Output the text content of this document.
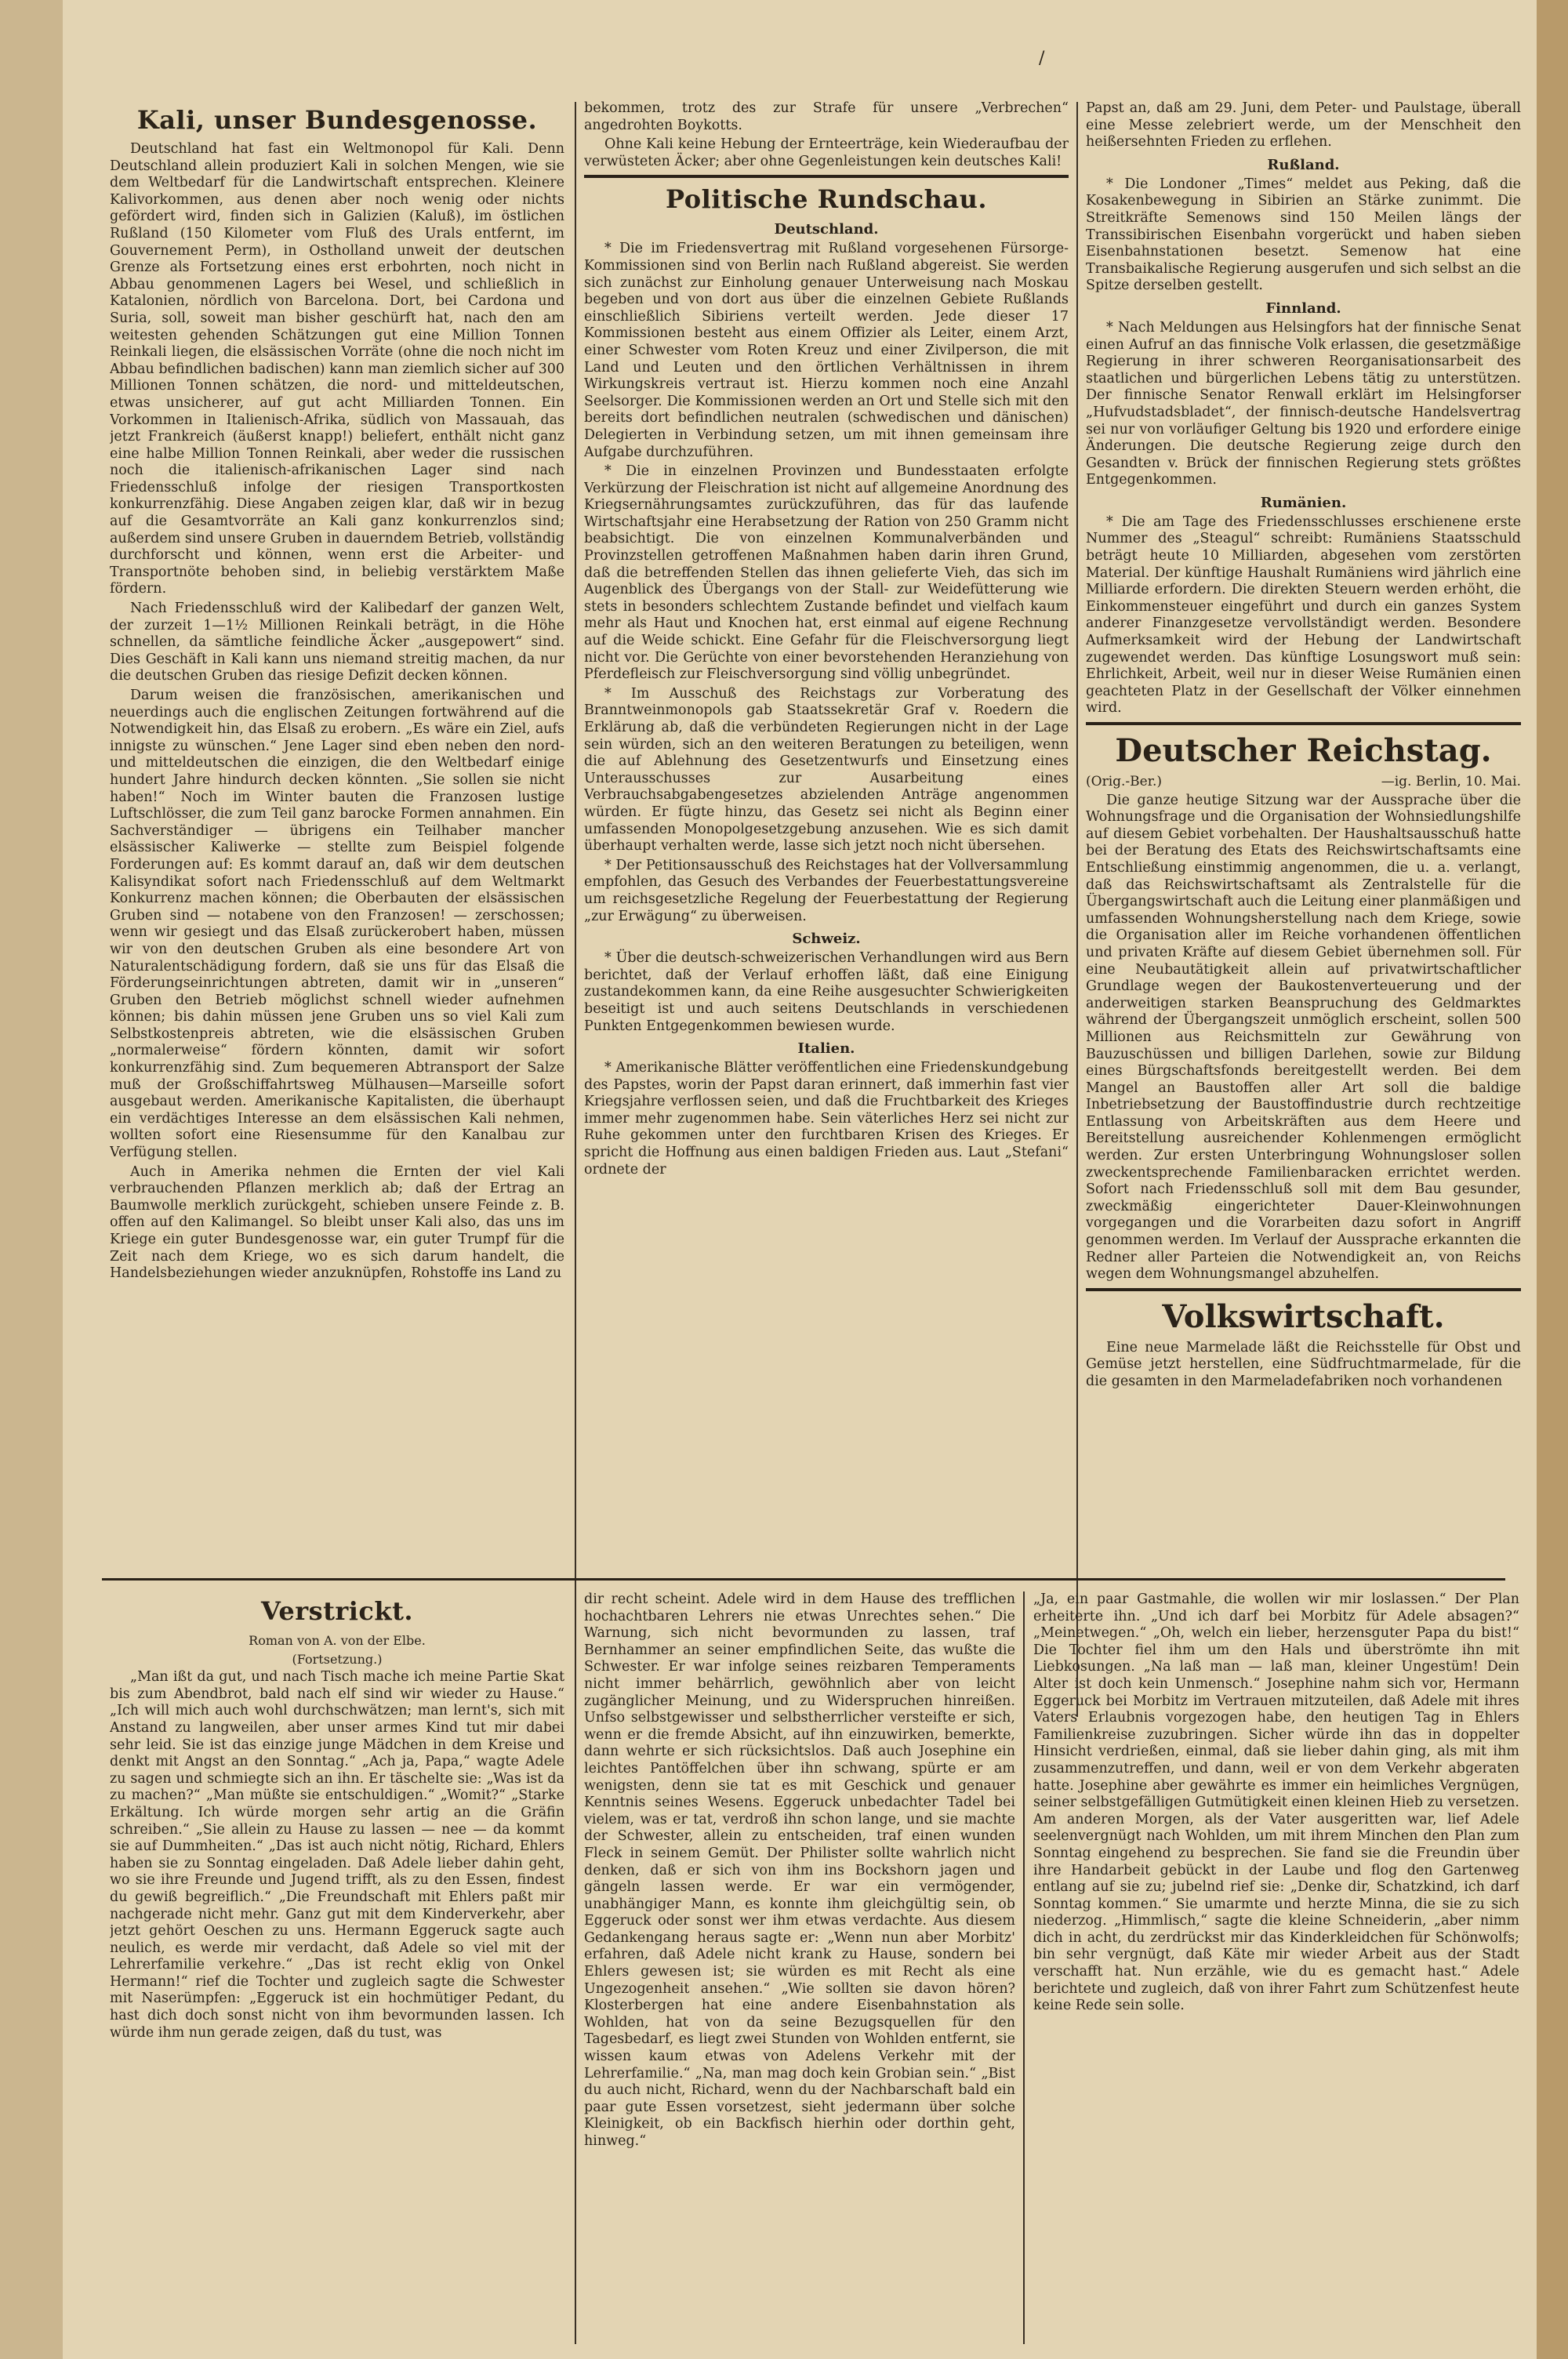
/
Kali, unser Bundesgenosse.

Deutschland hat fast ein Weltmonopol für Kali. Denn Deutschland allein produziert Kali in solchen Mengen, wie sie dem Weltbedarf für die Landwirtschaft entsprechen. Kleinere Kalivorkommen, aus denen aber noch wenig oder nichts gefördert wird, finden sich in Galizien (Kaluß), im östlichen Rußland (150 Kilometer vom Fluß des Urals entfernt, im Gouvernement Perm), in Ostholland unweit der deutschen Grenze als Fortsetzung eines erst erbohrten, noch nicht in Abbau genommenen Lagers bei Wesel, und schließlich in Katalonien, nördlich von Barcelona. Dort, bei Cardona und Suria, soll, soweit man bisher geschürft hat, nach den am weitesten gehenden Schätzungen gut eine Million Tonnen Reinkali liegen, die elsässischen Vorräte (ohne die noch nicht im Abbau befindlichen badischen) kann man ziemlich sicher auf 300 Millionen Tonnen schätzen, die nord- und mitteldeutschen, etwas unsicherer, auf gut acht Milliarden Tonnen. Ein Vorkommen in Italienisch-Afrika, südlich von Massauah, das jetzt Frankreich (äußerst knapp!) beliefert, enthält nicht ganz eine halbe Million Tonnen Reinkali, aber weder die russischen noch die italienisch-afrikanischen Lager sind nach Friedensschluß infolge der riesigen Transportkosten konkurrenzfähig. Diese Angaben zeigen klar, daß wir in bezug auf die Gesamtvorräte an Kali ganz konkurrenzlos sind; außerdem sind unsere Gruben in dauerndem Betrieb, vollständig durchforscht und können, wenn erst die Arbeiter- und Transportnöte behoben sind, in beliebig verstärktem Maße fördern.

Nach Friedensschluß wird der Kalibedarf der ganzen Welt, der zurzeit 1—1½ Millionen Reinkali beträgt, in die Höhe schnellen, da sämtliche feindliche Äcker „ausgepowert“ sind. Dies Geschäft in Kali kann uns niemand streitig machen, da nur die deutschen Gruben das riesige Defizit decken können.

Darum weisen die französischen, amerikanischen und neuerdings auch die englischen Zeitungen fortwährend auf die Notwendigkeit hin, das Elsaß zu erobern. „Es wäre ein Ziel, aufs innigste zu wünschen.“ Jene Lager sind eben neben den nord- und mitteldeutschen die einzigen, die den Weltbedarf einige hundert Jahre hindurch decken könnten. „Sie sollen sie nicht haben!“ Noch im Winter bauten die Franzosen lustige Luftschlösser, die zum Teil ganz barocke Formen annahmen. Ein Sachverständiger — übrigens ein Teilhaber mancher elsässischer Kaliwerke — stellte zum Beispiel folgende Forderungen auf: Es kommt darauf an, daß wir dem deutschen Kalisyndikat sofort nach Friedensschluß auf dem Weltmarkt Konkurrenz machen können; die Oberbauten der elsässischen Gruben sind — notabene von den Franzosen! — zerschossen; wenn wir gesiegt und das Elsaß zurückerobert haben, müssen wir von den deutschen Gruben als eine besondere Art von Naturalentschädigung fordern, daß sie uns für das Elsaß die Förderungseinrichtungen abtreten, damit wir in „unseren“ Gruben den Betrieb möglichst schnell wieder aufnehmen können; bis dahin müssen jene Gruben uns so viel Kali zum Selbstkostenpreis abtreten, wie die elsässischen Gruben „normalerweise“ fördern könnten, damit wir sofort konkurrenzfähig sind. Zum bequemeren Abtransport der Salze muß der Großschiffahrtsweg Mülhausen—Marseille sofort ausgebaut werden. Amerikanische Kapitalisten, die überhaupt ein verdächtiges Interesse an dem elsässischen Kali nehmen, wollten sofort eine Riesensumme für den Kanalbau zur Verfügung stellen.

Auch in Amerika nehmen die Ernten der viel Kali verbrauchenden Pflanzen merklich ab; daß der Ertrag an Baumwolle merklich zurückgeht, schieben unsere Feinde z. B. offen auf den Kalimangel. So bleibt unser Kali also, das uns im Kriege ein guter Bundesgenosse war, ein guter Trumpf für die Zeit nach dem Kriege, wo es sich darum handelt, die Handelsbeziehungen wieder anzuknüpfen, Rohstoffe ins Land zu

bekommen, trotz des zur Strafe für unsere „Verbrechen“ angedrohten Boykotts.

Ohne Kali keine Hebung der Ernteerträge, kein Wiederaufbau der verwüsteten Äcker; aber ohne Gegenleistungen kein deutsches Kali!

Politische Rundschau.
Deutschland.

* Die im Friedensvertrag mit Rußland vorgesehenen Fürsorge-Kommissionen sind von Berlin nach Rußland abgereist. Sie werden sich zunächst zur Einholung genauer Unterweisung nach Moskau begeben und von dort aus über die einzelnen Gebiete Rußlands einschließlich Sibiriens verteilt werden. Jede dieser 17 Kommissionen besteht aus einem Offizier als Leiter, einem Arzt, einer Schwester vom Roten Kreuz und einer Zivilperson, die mit Land und Leuten und den örtlichen Verhältnissen in ihrem Wirkungskreis vertraut ist. Hierzu kommen noch eine Anzahl Seelsorger. Die Kommissionen werden an Ort und Stelle sich mit den bereits dort befindlichen neutralen (schwedischen und dänischen) Delegierten in Verbindung setzen, um mit ihnen gemeinsam ihre Aufgabe durchzuführen.

* Die in einzelnen Provinzen und Bundesstaaten erfolgte Verkürzung der Fleischration ist nicht auf allgemeine Anordnung des Kriegsernährungsamtes zurückzuführen, das für das laufende Wirtschaftsjahr eine Herabsetzung der Ration von 250 Gramm nicht beabsichtigt. Die von einzelnen Kommunalverbänden und Provinzstellen getroffenen Maßnahmen haben darin ihren Grund, daß die betreffenden Stellen das ihnen gelieferte Vieh, das sich im Augenblick des Übergangs von der Stall- zur Weidefütterung wie stets in besonders schlechtem Zustande befindet und vielfach kaum mehr als Haut und Knochen hat, erst einmal auf eigene Rechnung auf die Weide schickt. Eine Gefahr für die Fleischversorgung liegt nicht vor. Die Gerüchte von einer bevorstehenden Heranziehung von Pferdefleisch zur Fleischversorgung sind völlig unbegründet.

* Im Ausschuß des Reichstags zur Vorberatung des Branntweinmonopols gab Staatssekretär Graf v. Roedern die Erklärung ab, daß die verbündeten Regierungen nicht in der Lage sein würden, sich an den weiteren Beratungen zu beteiligen, wenn die auf Ablehnung des Gesetzentwurfs und Einsetzung eines Unterausschusses zur Ausarbeitung eines Verbrauchsabgabengesetzes abzielenden Anträge angenommen würden. Er fügte hinzu, das Gesetz sei nicht als Beginn einer umfassenden Monopolgesetzgebung anzusehen. Wie es sich damit überhaupt verhalten werde, lasse sich jetzt noch nicht übersehen.

* Der Petitionsausschuß des Reichstages hat der Vollversammlung empfohlen, das Gesuch des Verbandes der Feuerbestattungsvereine um reichsgesetzliche Regelung der Feuerbestattung der Regierung „zur Erwägung“ zu überweisen.

Schweiz.

* Über die deutsch-schweizerischen Verhandlungen wird aus Bern berichtet, daß der Verlauf erhoffen läßt, daß eine Einigung zustandekommen kann, da eine Reihe ausgesuchter Schwierigkeiten beseitigt ist und auch seitens Deutschlands in verschiedenen Punkten Entgegenkommen bewiesen wurde.

Italien.

* Amerikanische Blätter veröffentlichen eine Friedenskundgebung des Papstes, worin der Papst daran erinnert, daß immerhin fast vier Kriegsjahre verflossen seien, und daß die Fruchtbarkeit des Krieges immer mehr zugenommen habe. Sein väterliches Herz sei nicht zur Ruhe gekommen unter den furchtbaren Krisen des Krieges. Er spricht die Hoffnung aus einen baldigen Frieden aus. Laut „Stefani“ ordnete der

Papst an, daß am 29. Juni, dem Peter- und Paulstage, überall eine Messe zelebriert werde, um der Menschheit den heißersehnten Frieden zu erflehen.

Rußland.

* Die Londoner „Times“ meldet aus Peking, daß die Kosakenbewegung in Sibirien an Stärke zunimmt. Die Streitkräfte Semenows sind 150 Meilen längs der Transsibirischen Eisenbahn vorgerückt und haben sieben Eisenbahnstationen besetzt. Semenow hat eine Transbaikalische Regierung ausgerufen und sich selbst an die Spitze derselben gestellt.

Finnland.

* Nach Meldungen aus Helsingfors hat der finnische Senat einen Aufruf an das finnische Volk erlassen, die gesetzmäßige Regierung in ihrer schweren Reorganisationsarbeit des staatlichen und bürgerlichen Lebens tätig zu unterstützen. Der finnische Senator Renwall erklärt im Helsingforser „Hufvudstadsbladet“, der finnisch-deutsche Handelsvertrag sei nur von vorläufiger Geltung bis 1920 und erfordere einige Änderungen. Die deutsche Regierung zeige durch den Gesandten v. Brück der finnischen Regierung stets größtes Entgegenkommen.

Rumänien.

* Die am Tage des Friedensschlusses erschienene erste Nummer des „Steagul“ schreibt: Rumäniens Staatsschuld beträgt heute 10 Milliarden, abgesehen vom zerstörten Material. Der künftige Haushalt Rumäniens wird jährlich eine Milliarde erfordern. Die direkten Steuern werden erhöht, die Einkommensteuer eingeführt und durch ein ganzes System anderer Finanzgesetze vervollständigt werden. Besondere Aufmerksamkeit wird der Hebung der Landwirtschaft zugewendet werden. Das künftige Losungswort muß sein: Ehrlichkeit, Arbeit, weil nur in dieser Weise Rumänien einen geachteten Platz in der Gesellschaft der Völker einnehmen wird.

Deutscher Reichstag.
(Orig.-Ber.)	—ig. Berlin, 10. Mai.

Die ganze heutige Sitzung war der Aussprache über die Wohnungsfrage und die Organisation der Wohnsiedlungshilfe auf diesem Gebiet vorbehalten. Der Haushaltsausschuß hatte bei der Beratung des Etats des Reichswirtschaftsamts eine Entschließung einstimmig angenommen, die u. a. verlangt, daß das Reichswirtschaftsamt als Zentralstelle für die Übergangswirtschaft auch die Leitung einer planmäßigen und umfassenden Wohnungsherstellung nach dem Kriege, sowie die Organisation aller im Reiche vorhandenen öffentlichen und privaten Kräfte auf diesem Gebiet übernehmen soll. Für eine Neubautätigkeit allein auf privatwirtschaftlicher Grundlage wegen der Baukostenverteuerung und der anderweitigen starken Beanspruchung des Geldmarktes während der Übergangszeit unmöglich erscheint, sollen 500 Millionen aus Reichsmitteln zur Gewährung von Bauzuschüssen und billigen Darlehen, sowie zur Bildung eines Bürgschaftsfonds bereitgestellt werden. Bei dem Mangel an Baustoffen aller Art soll die baldige Inbetriebsetzung der Baustoffindustrie durch rechtzeitige Entlassung von Arbeitskräften aus dem Heere und Bereitstellung ausreichender Kohlenmengen ermöglicht werden. Zur ersten Unterbringung Wohnungsloser sollen zweckentsprechende Familienbaracken errichtet werden. Sofort nach Friedensschluß soll mit dem Bau gesunder, zweckmäßig eingerichteter Dauer-Kleinwohnungen vorgegangen und die Vorarbeiten dazu sofort in Angriff genommen werden. Im Verlauf der Aussprache erkannten die Redner aller Parteien die Notwendigkeit an, von Reichs wegen dem Wohnungsmangel abzuhelfen.

Volkswirtschaft.

Eine neue Marmelade läßt die Reichsstelle für Obst und Gemüse jetzt herstellen, eine Südfruchtmarmelade, für die die gesamten in den Marmeladefabriken noch vorhandenen

Verstrickt.
Roman von A. von der Elbe.
(Fortsetzung.)

„Man ißt da gut, und nach Tisch mache ich meine Partie Skat bis zum Abendbrot, bald nach elf sind wir wieder zu Hause.“ „Ich will mich auch wohl durchschwätzen; man lernt's, sich mit Anstand zu langweilen, aber unser armes Kind tut mir dabei sehr leid. Sie ist das einzige junge Mädchen in dem Kreise und denkt mit Angst an den Sonntag.“ „Ach ja, Papa,“ wagte Adele zu sagen und schmiegte sich an ihn. Er täschelte sie: „Was ist da zu machen?“ „Man müßte sie entschuldigen.“ „Womit?“ „Starke Erkältung. Ich würde morgen sehr artig an die Gräfin schreiben.“ „Sie allein zu Hause zu lassen — nee — da kommt sie auf Dummheiten.“ „Das ist auch nicht nötig, Richard, Ehlers haben sie zu Sonntag eingeladen. Daß Adele lieber dahin geht, wo sie ihre Freunde und Jugend trifft, als zu den Essen, findest du gewiß begreiflich.“ „Die Freundschaft mit Ehlers paßt mir nachgerade nicht mehr. Ganz gut mit dem Kinderverkehr, aber jetzt gehört Oeschen zu uns. Hermann Eggeruck sagte auch neulich, es werde mir verdacht, daß Adele so viel mit der Lehrerfamilie verkehre.“ „Das ist recht eklig von Onkel Hermann!“ rief die Tochter und zugleich sagte die Schwester mit Naserümpfen: „Eggeruck ist ein hochmütiger Pedant, du hast dich doch sonst nicht von ihm bevormunden lassen. Ich würde ihm nun gerade zeigen, daß du tust, was

dir recht scheint. Adele wird in dem Hause des trefflichen hochachtbaren Lehrers nie etwas Unrechtes sehen.“ Die Warnung, sich nicht bevormunden zu lassen, traf Bernhammer an seiner empfindlichen Seite, das wußte die Schwester. Er war infolge seines reizbaren Temperaments nicht immer behärrlich, gewöhnlich aber von leicht zugänglicher Meinung, und zu Widerspruchen hinreißen. Unfso selbstgewisser und selbstherrlicher versteifte er sich, wenn er die fremde Absicht, auf ihn einzuwirken, bemerkte, dann wehrte er sich rücksichtslos. Daß auch Josephine ein leichtes Pantöffelchen über ihn schwang, spürte er am wenigsten, denn sie tat es mit Geschick und genauer Kenntnis seines Wesens. Eggeruck unbedachter Tadel bei vielem, was er tat, verdroß ihn schon lange, und sie machte der Schwester, allein zu entscheiden, traf einen wunden Fleck in seinem Gemüt. Der Philister sollte wahrlich nicht denken, daß er sich von ihm ins Bockshorn jagen und gängeln lassen werde. Er war ein vermögender, unabhängiger Mann, es konnte ihm gleichgültig sein, ob Eggeruck oder sonst wer ihm etwas verdachte. Aus diesem Gedankengang heraus sagte er: „Wenn nun aber Morbitz' erfahren, daß Adele nicht krank zu Hause, sondern bei Ehlers gewesen ist; sie würden es mit Recht als eine Ungezogenheit ansehen.“ „Wie sollten sie davon hören? Klosterbergen hat eine andere Eisenbahnstation als Wohlden, hat von da seine Bezugsquellen für den Tagesbedarf, es liegt zwei Stunden von Wohlden entfernt, sie wissen kaum etwas von Adelens Verkehr mit der Lehrerfamilie.“ „Na, man mag doch kein Grobian sein.“ „Bist du auch nicht, Richard, wenn du der Nachbarschaft bald ein paar gute Essen vorsetzest, sieht jedermann über solche Kleinigkeit, ob ein Backfisch hierhin oder dorthin geht, hinweg.“

„Ja, ein paar Gastmahle, die wollen wir mir loslassen.“ Der Plan erheiterte ihn. „Und ich darf bei Morbitz für Adele absagen?“ „Meinetwegen.“ „Oh, welch ein lieber, herzensguter Papa du bist!“ Die Tochter fiel ihm um den Hals und überströmte ihn mit Liebkosungen. „Na laß man — laß man, kleiner Ungestüm! Dein Alter ist doch kein Unmensch.“ Josephine nahm sich vor, Hermann Eggeruck bei Morbitz im Vertrauen mitzuteilen, daß Adele mit ihres Vaters Erlaubnis vorgezogen habe, den heutigen Tag in Ehlers Familienkreise zuzubringen. Sicher würde ihn das in doppelter Hinsicht verdrießen, einmal, daß sie lieber dahin ging, als mit ihm zusammenzutreffen, und dann, weil er von dem Verkehr abgeraten hatte. Josephine aber gewährte es immer ein heimliches Vergnügen, seiner selbstgefälligen Gutmütigkeit einen kleinen Hieb zu versetzen. Am anderen Morgen, als der Vater ausgeritten war, lief Adele seelenvergnügt nach Wohlden, um mit ihrem Minchen den Plan zum Sonntag eingehend zu besprechen. Sie fand sie die Freundin über ihre Handarbeit gebückt in der Laube und flog den Gartenweg entlang auf sie zu; jubelnd rief sie: „Denke dir, Schatzkind, ich darf Sonntag kommen.“ Sie umarmte und herzte Minna, die sie zu sich niederzog. „Himmlisch,“ sagte die kleine Schneiderin, „aber nimm dich in acht, du zerdrückst mir das Kinderkleidchen für Schönwolfs; bin sehr vergnügt, daß Käte mir wieder Arbeit aus der Stadt verschafft hat. Nun erzähle, wie du es gemacht hast.“ Adele berichtete und zugleich, daß von ihrer Fahrt zum Schützenfest heute keine Rede sein solle.
